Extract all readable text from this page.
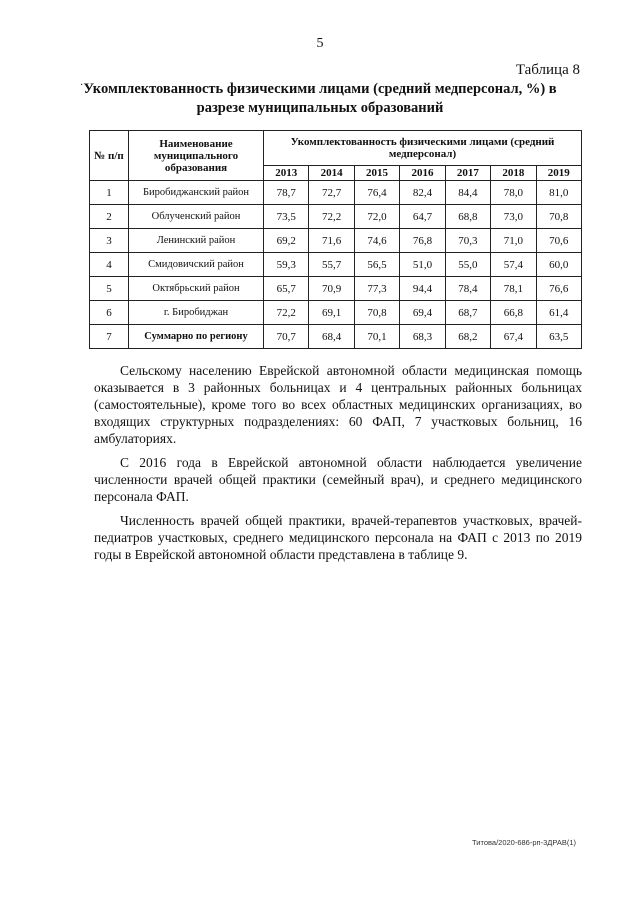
5
·
Таблица 8
Укомплектованность физическими лицами (средний медперсонал, %) в разрезе муниципальных образований
№ п/п	Наименование муниципального образования	Укомплектованность физическими лицами (средний медперсонал)						
		2013	2014	2015	2016	2017	2018	2019
1	Биробиджанский район	78,7	72,7	76,4	82,4	84,4	78,0	81,0
2	Облученский район	73,5	72,2	72,0	64,7	68,8	73,0	70,8
3	Ленинский район	69,2	71,6	74,6	76,8	70,3	71,0	70,6
4	Смидовичский район	59,3	55,7	56,5	51,0	55,0	57,4	60,0
5	Октябрьский район	65,7	70,9	77,3	94,4	78,4	78,1	76,6
6	г. Биробиджан	72,2	69,1	70,8	69,4	68,7	66,8	61,4
7	Суммарно по региону	70,7	68,4	70,1	68,3	68,2	67,4	63,5

Сельскому населению Еврейской автономной области медицинская помощь оказывается в 3 районных больницах и 4 центральных районных больницах (самостоятельные), кроме того во всех областных медицинских организациях, во входящих структурных подразделениях: 60 ФАП, 7 участковых больниц, 16 амбулаториях.

С 2016 года в Еврейской автономной области наблюдается увеличение численности врачей общей практики (семейный врач), и среднего медицинского персонала ФАП.

Численность врачей общей практики, врачей-терапевтов участковых, врачей-педиатров участковых, среднего медицинского персонала на ФАП с 2013 по 2019 годы в Еврейской автономной области представлена в таблице 9.

Титова/2020-686-рп-3ДРАВ(1)
